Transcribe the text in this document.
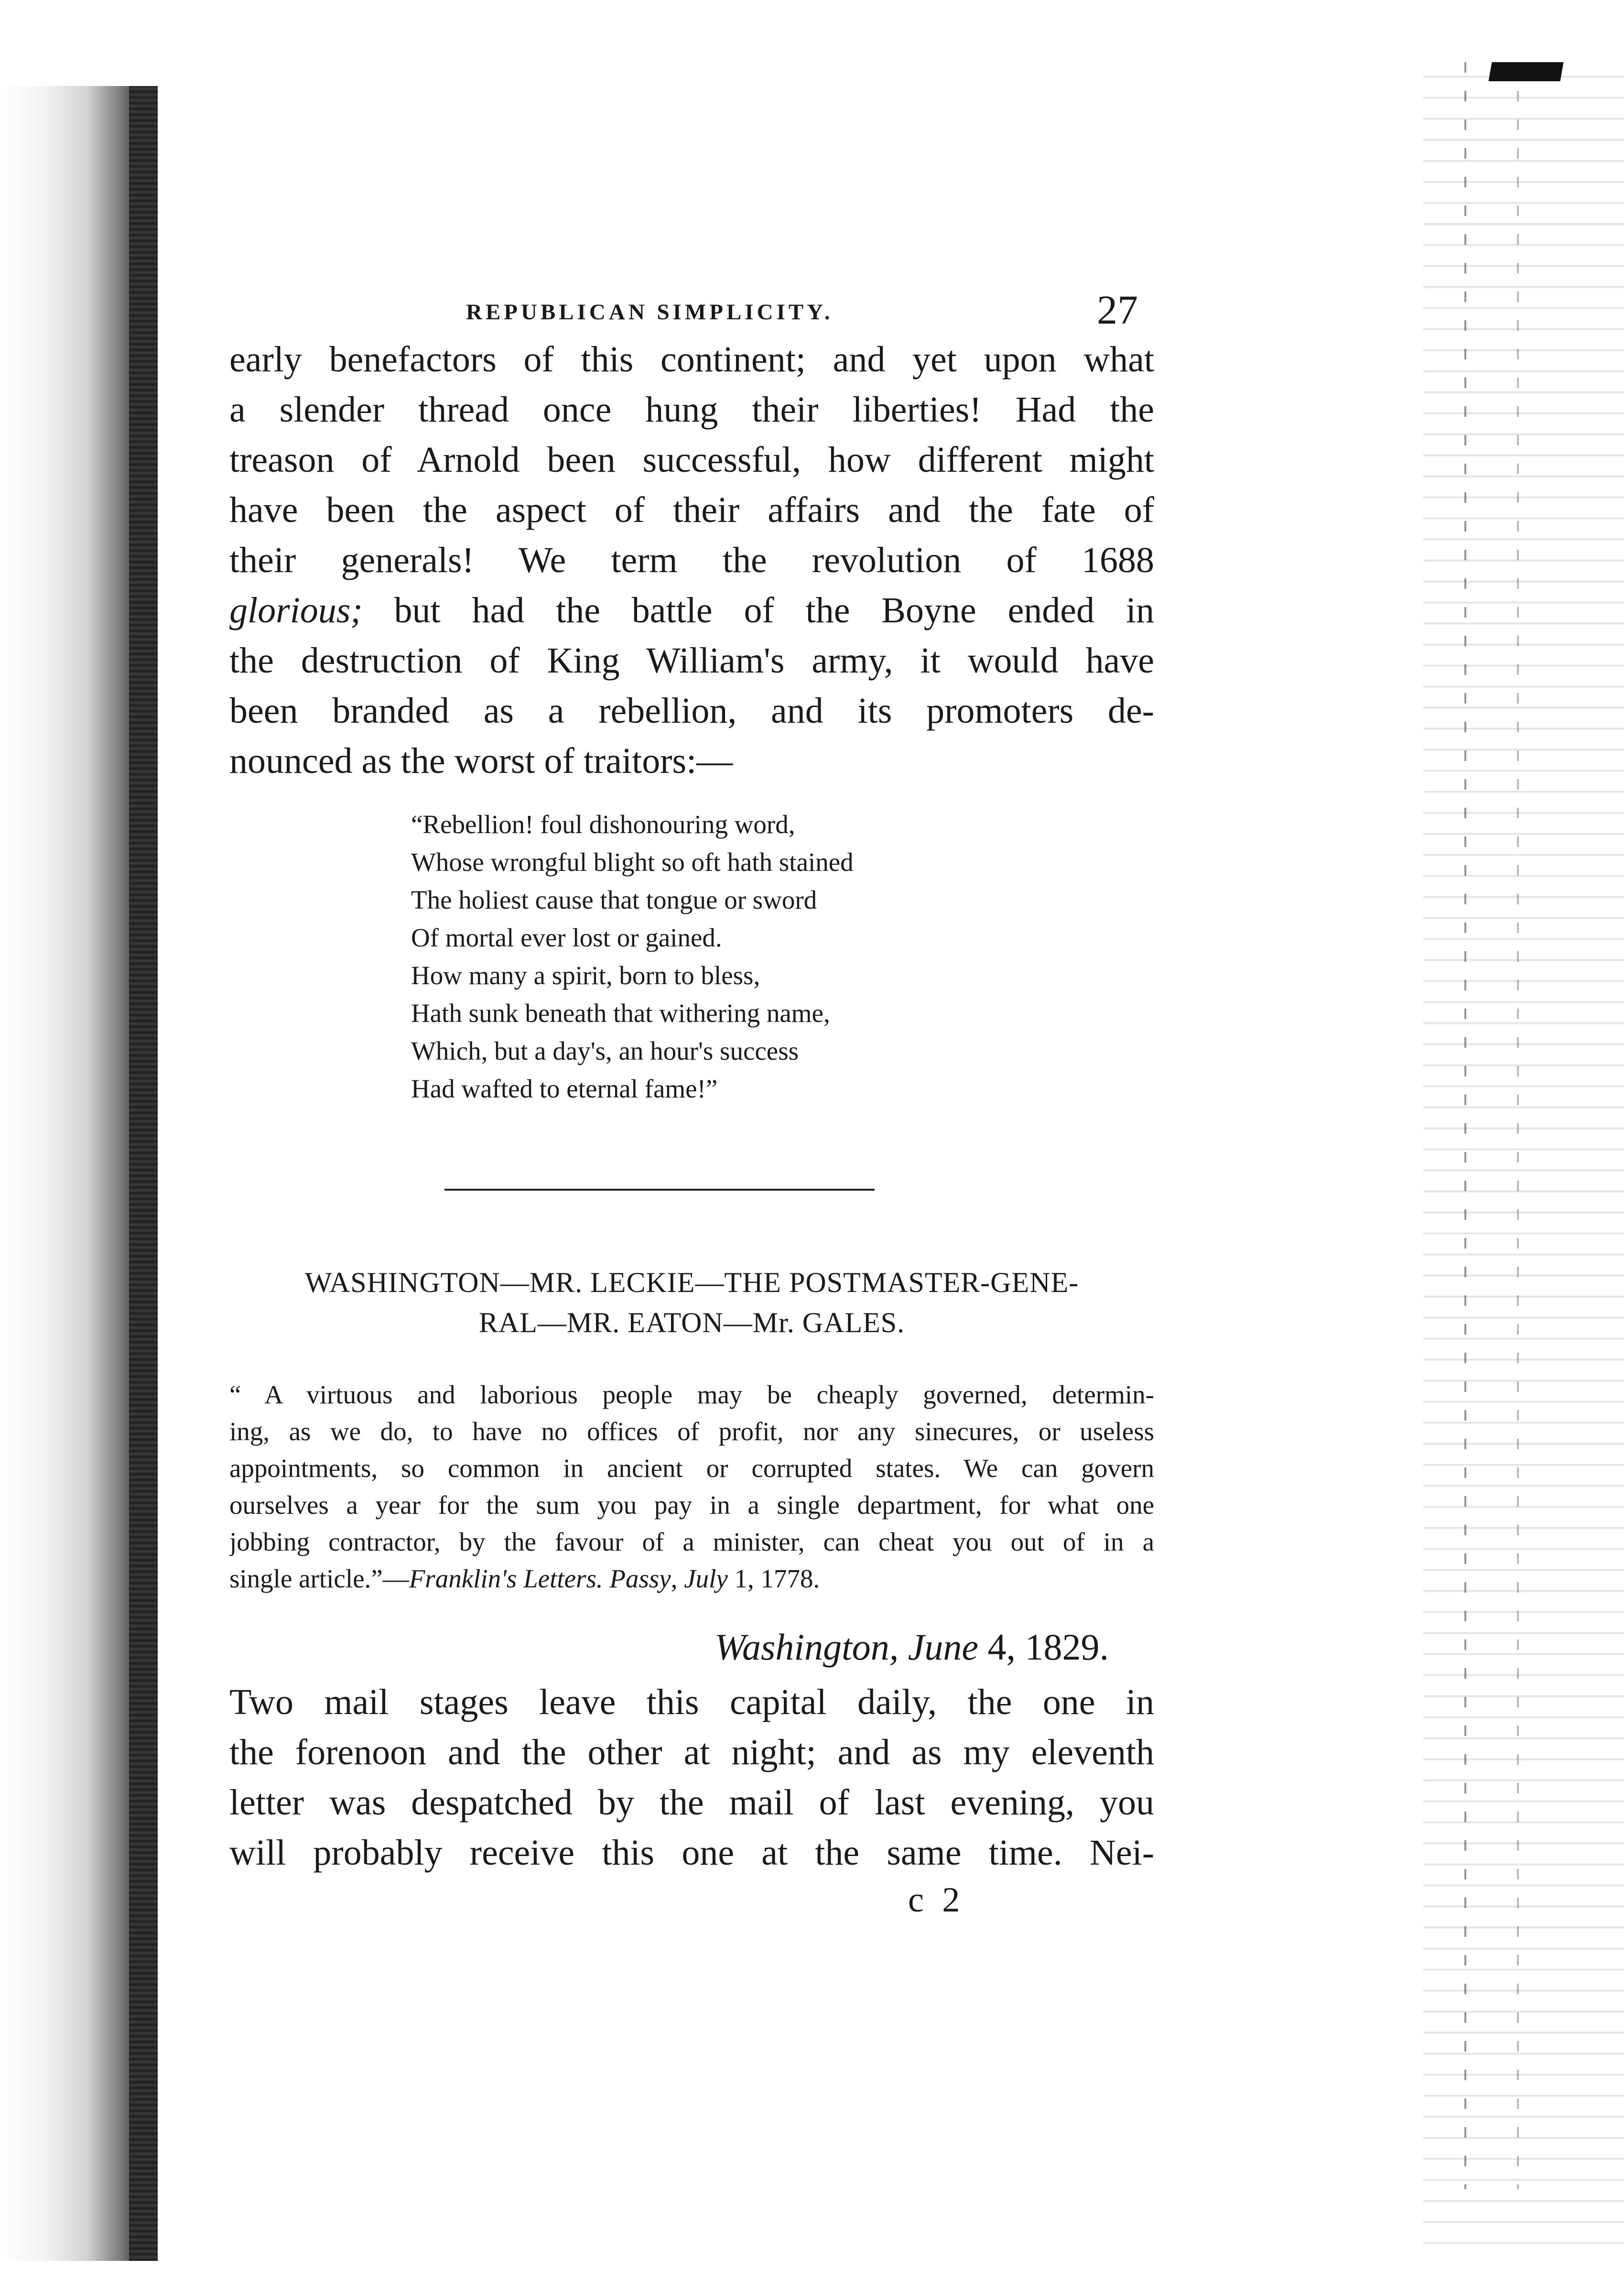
REPUBLICAN SIMPLICITY.	27
early benefactors of this continent; and yet upon what
a slender thread once hung their liberties! Had the
treason of Arnold been successful, how different might
have been the aspect of their affairs and the fate of
their generals! We term the revolution of 1688
glorious; but had the battle of the Boyne ended in
the destruction of King William's army, it would have
been branded as a rebellion, and its promoters de-
nounced as the worst of traitors:—
“Rebellion! foul dishonouring word,
Whose wrongful blight so oft hath stained
The holiest cause that tongue or sword
Of mortal ever lost or gained.
How many a spirit, born to bless,
Hath sunk beneath that withering name,
Which, but a day's, an hour's success
Had wafted to eternal fame!”
WASHINGTON—MR. LECKIE—THE POSTMASTER-GENE-
RAL—MR. EATON—Mr. GALES.
“ A virtuous and laborious people may be cheaply governed, determin-
ing, as we do, to have no offices of profit, nor any sinecures, or useless
appointments, so common in ancient or corrupted states. We can govern
ourselves a year for the sum you pay in a single department, for what one
jobbing contractor, by the favour of a minister, can cheat you out of in a
single article.”—Franklin's Letters. Passy, July 1, 1778.
Washington, June 4, 1829.
Two mail stages leave this capital daily, the one in
the forenoon and the other at night; and as my eleventh
letter was despatched by the mail of last evening, you
will probably receive this one at the same time. Nei-
c 2
